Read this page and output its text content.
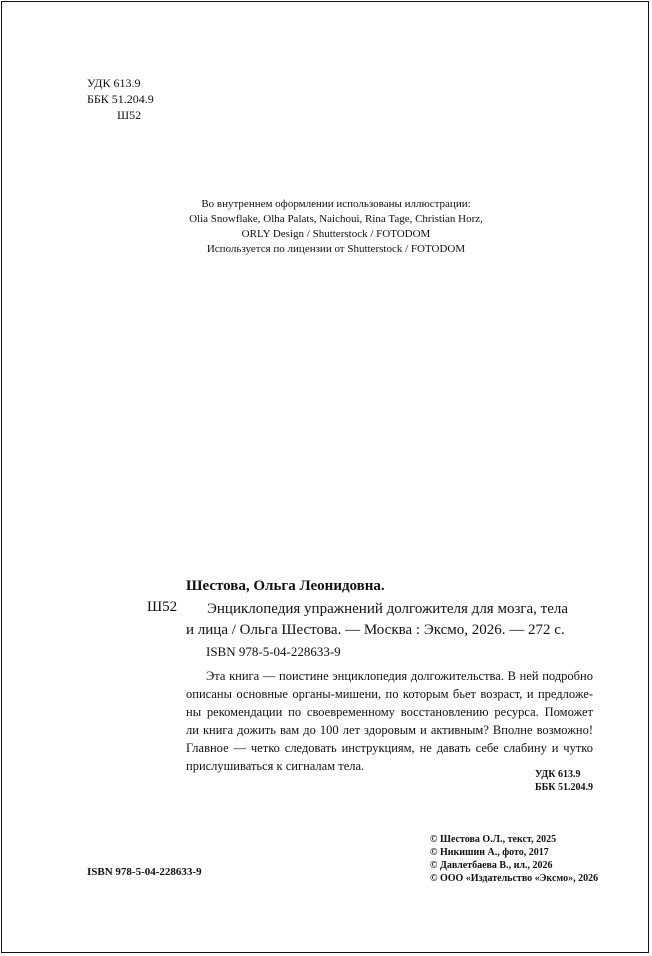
УДК 613.9
ББК 51.204.9
Ш52
Во внутреннем оформлении использованы иллюстрации:
Olia Snowflake, Olha Palats, Naichoui, Rina Tage, Christian Horz,
ORLY Design / Shutterstock / FOTODOM
Используется по лицензии от Shutterstock / FOTODOM
Шестова, Ольга Леонидовна.
Ш52	Энциклопедия упражнений долгожителя для мозга, тела
и лица / Ольга Шестова. — Москва : Эксмо, 2026. — 272 с.
ISBN 978-5-04-228633-9

Эта книга — поистине энциклопедия долгожительства. В ней подробно
описаны основные органы-мишени, по которым бьет возраст, и предложе-
ны рекомендации по своевременному восстановлению ресурса. Поможет
ли книга дожить вам до 100 лет здоровым и активным? Вполне возможно!
Главное — четко следовать инструкциям, не давать себе слабину и чутко
прислушиваться к сигналам тела.

УДК 613.9
ББК 51.204.9
© Шестова О.Л., текст, 2025
© Никишин А., фото, 2017
© Давлетбаева В., ил., 2026
© ООО «Издательство «Эксмо», 2026
ISBN 978-5-04-228633-9
